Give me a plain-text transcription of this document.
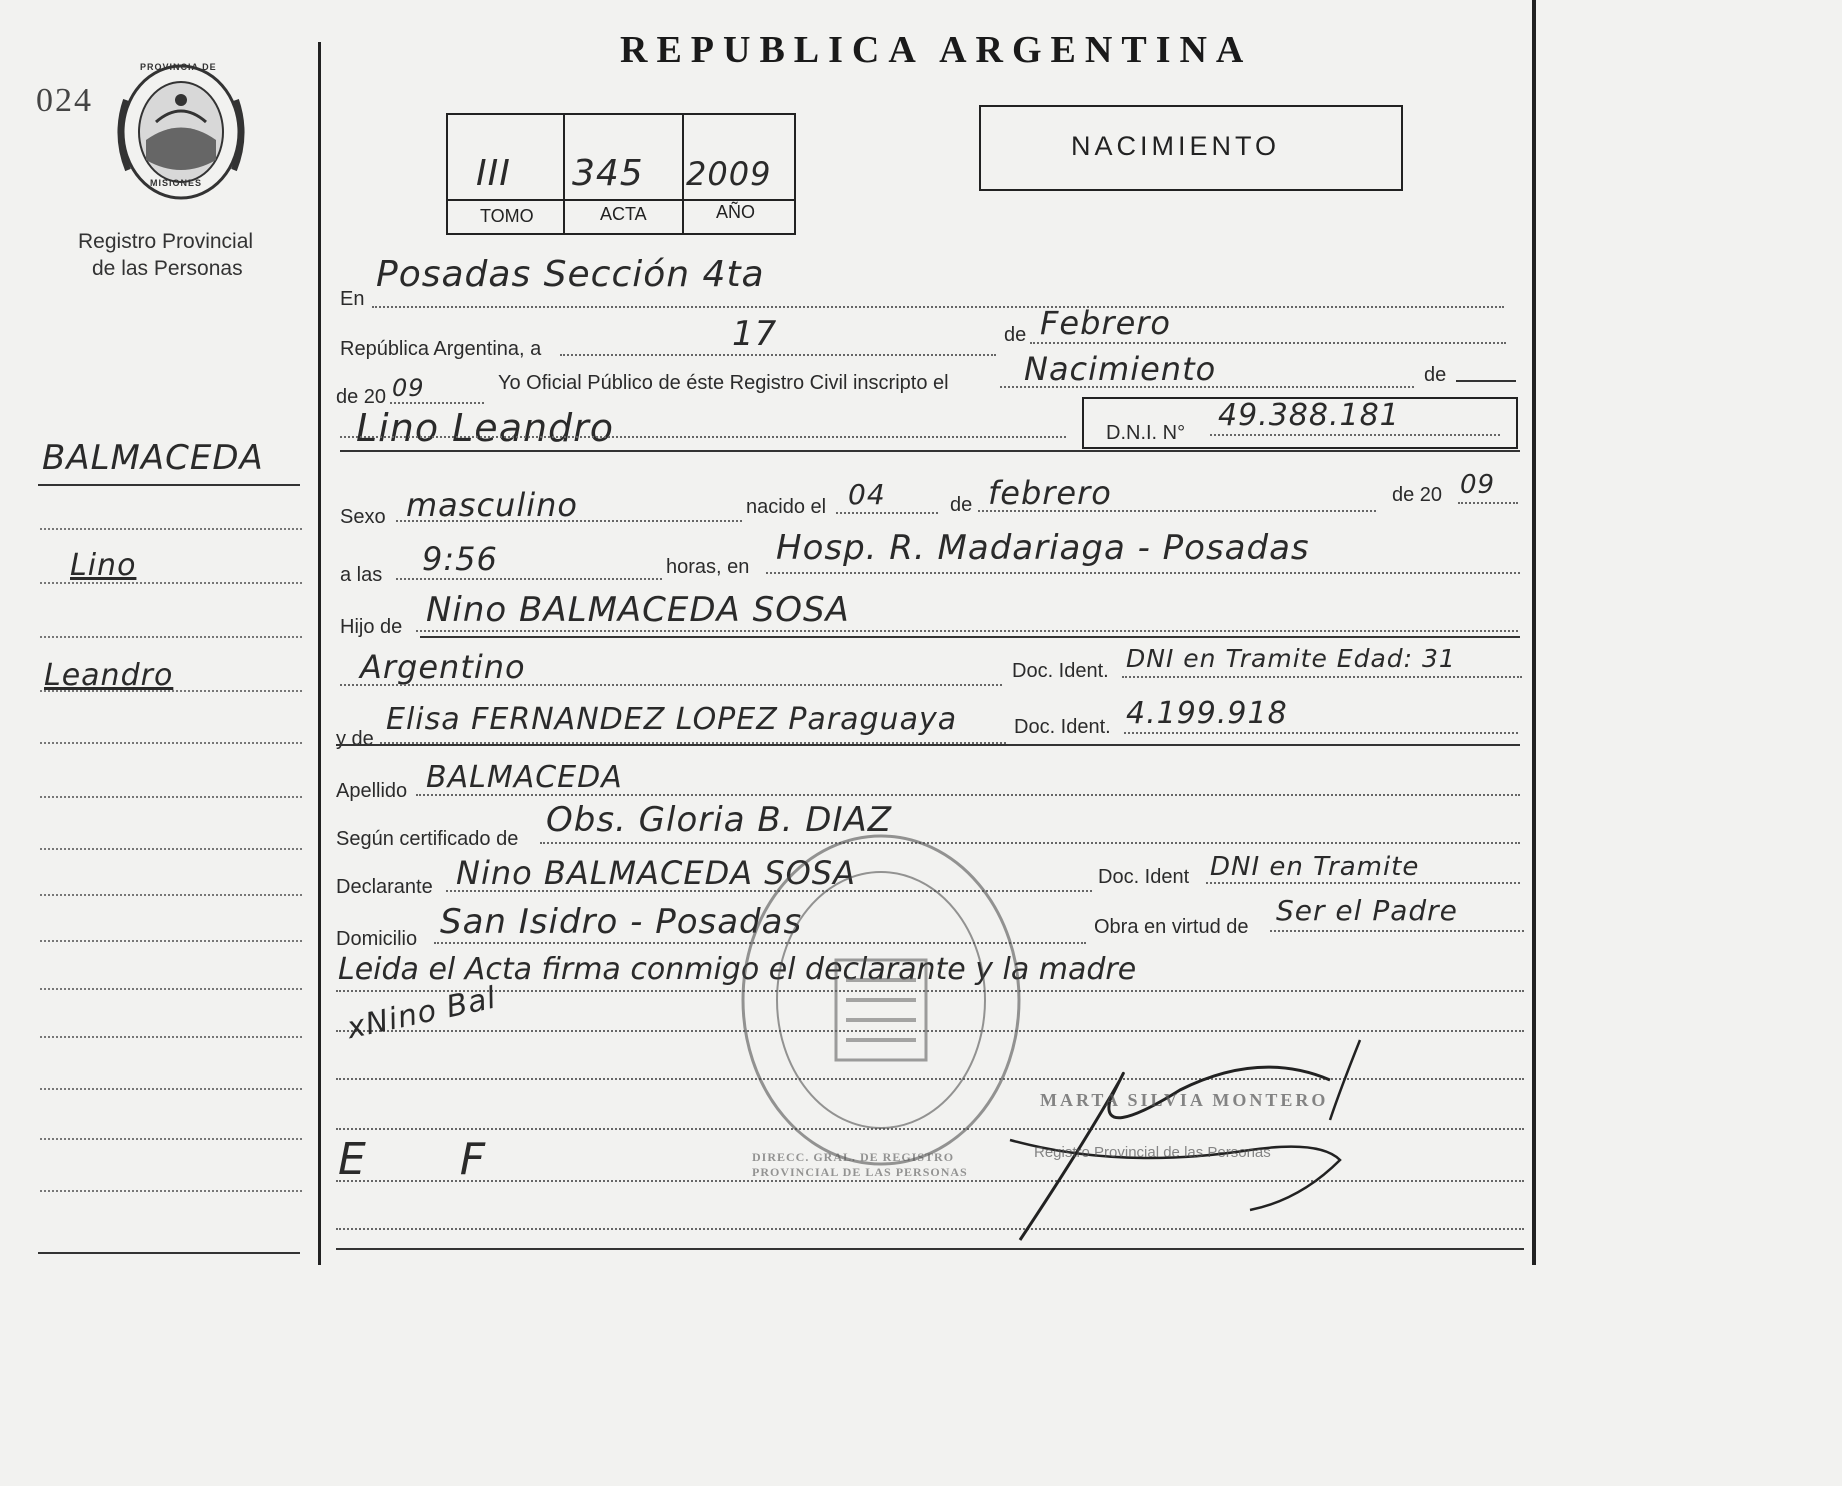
REPUBLICA ARGENTINA
024
PROVINCIA DE
MISIONES
Registro Provincial
de las Personas
III 345 2009
TOMO	ACTA	AÑO
NACIMIENTO
BALMACEDA
Lino
Leandro
En
Posadas Sección 4ta
República Argentina, a	17	de Febrero
de 20 09	Yo Oficial Público de éste Registro Civil inscripto el Nacimiento	de
Lino Leandro	D.N.I. N° 49.388.181
Sexo masculino	nacido el 04	de febrero	de 20 09
a las 9:56	horas, en Hosp. R. Madariaga - Posadas
Hijo de Nino BALMACEDA SOSA
Argentino	Doc. Ident. DNI en Tramite Edad: 31
y de
Elisa FERNANDEZ LOPEZ Paraguaya	Doc. Ident. 4.199.918
Apellido BALMACEDA
Según certificado de Obs. Gloria B. DIAZ
Declarante Nino BALMACEDA SOSA	Doc. Ident DNI en Tramite
Domicilio San Isidro - Posadas	Obra en virtud de Ser el Padre
Leida el Acta firma conmigo el declarante y la madre
xNino Bal
E F	DIRECC. GRAL. DE REGISTRO PROVINCIAL DE LAS PERSONAS
MARTA SILVIA MONTERO
Registro Provincial de las Personas
